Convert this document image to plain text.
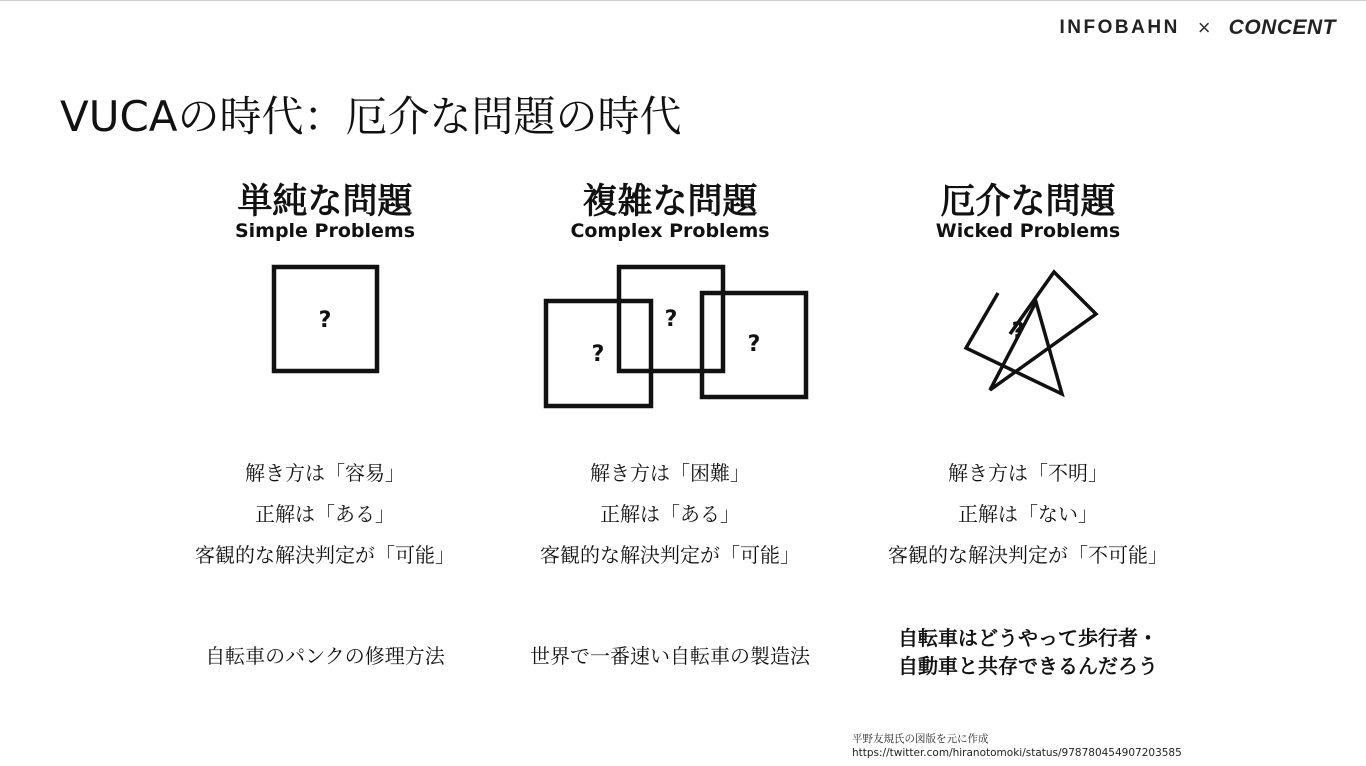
INFOBAHN × CONCENT
VUCAの時代：厄介な問題の時代
単純な問題
Simple Problems
解き方は「容易」
正解は「ある」
客観的な解決判定が「可能」
自転車のパンクの修理方法
複雑な問題
Complex Problems
解き方は「困難」
正解は「ある」
客観的な解決判定が「可能」
世界で一番速い自転車の製造法
厄介な問題
Wicked Problems
解き方は「不明」
正解は「ない」
客観的な解決判定が「不可能」
自転車はどうやって歩行者・
自動車と共存できるんだろう
?	?
?	?
?
平野友規氏の図版を元に作成
https://twitter.com/hiranotomoki/status/978780454907203585
